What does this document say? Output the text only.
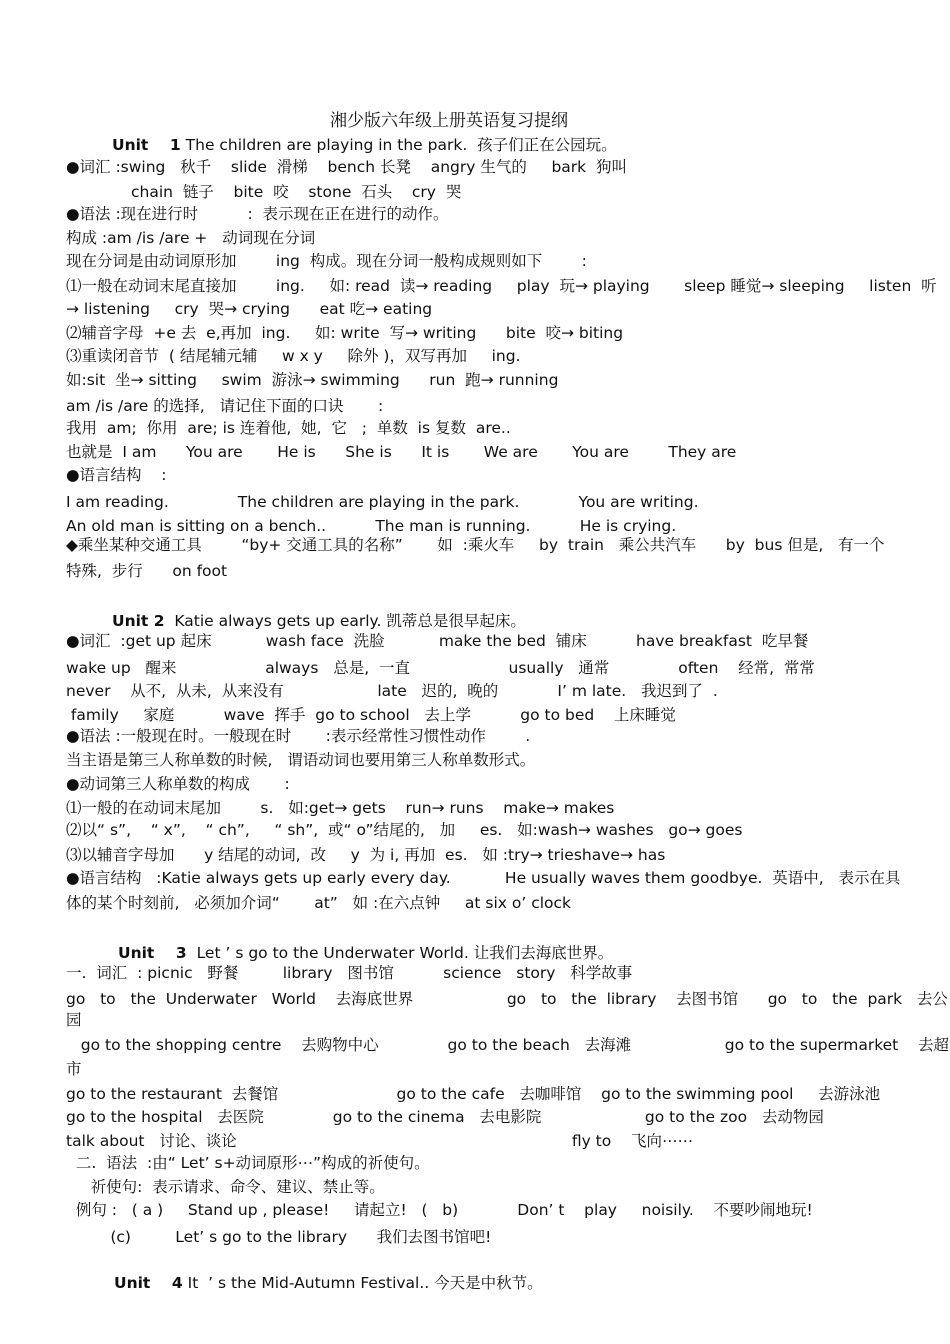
湘少版六年级上册英语复习提纲
Unit    1 The children are playing in the park.  孩子们正在公园玩。
●词汇 :swing   秋千    slide  滑梯    bench 长凳    angry 生气的     bark  狗叫
chain  链子    bite  咬    stone  石头    cry  哭
●语法 :现在进行时          :  表示现在正在进行的动作。
构成 :am /is /are +   动词现在分词
现在分词是由动词原形加        ing  构成。现在分词一般构成规则如下        :
⑴一般在动词末尾直接加        ing.     如: read  读→ reading     play  玩→ playing       sleep 睡觉→ sleeping     listen  听
→ listening     cry  哭→ crying      eat 吃→ eating
⑵辅音字母  +e 去  e,再加  ing.     如: write  写→ writing      bite  咬→ biting
⑶重读闭音节  ( 结尾辅元辅     w x y     除外 )，双写再加     ing.
如:sit  坐→ sitting     swim  游泳→ swimming      run  跑→ running
am /is /are 的选择,   请记住下面的口诀       :
我用  am;  你用  are; is 连着他,  她,  它   ;  单数  is 复数  are..
也就是  I am      You are       He is      She is      It is       We are       You are        They are
●语言结构    :
I am reading.              The children are playing in the park.            You are writing.
An old man is sitting on a bench..          The man is running.          He is crying.
◆乘坐某种交通工具        “by+ 交通工具的名称”       如  :乘火车     by  train   乘公共汽车      by  bus 但是,   有一个
特殊,  步行      on foot
Unit 2  Katie always gets up early. 凯蒂总是很早起床。
●词汇  :get up 起床           wash face  洗脸           make the bed  铺床          have breakfast  吃早餐
wake up   醒来                  always   总是,  一直                    usually   通常              often    经常,  常常
never    从不,  从未,  从来没有                   late   迟的,  晚的            I’ m late.   我迟到了  .
family     家庭          wave  挥手  go to school   去上学          go to bed    上床睡觉
●语法 :一般现在时。一般现在时       :表示经常性习惯性动作        .
当主语是第三人称单数的时候,   谓语动词也要用第三人称单数形式。
●动词第三人称单数的构成       :
⑴一般的在动词末尾加        s.   如:get→ gets    run→ runs    make→ makes
⑵以“ s”,    “ x”,    “ ch”,     “ sh”,  或“ o”结尾的,   加     es.   如:wash→ washes   go→ goes
⑶以辅音字母加      y 结尾的动词,  改     y  为 i, 再加  es.   如 :try→ trieshave→ has
●语言结构   :Katie always gets up early every day.           He usually waves them goodbye.  英语中,   表示在具
体的某个时刻前,   必须加介词“       at”   如 :在六点钟     at six o’ clock
Unit    3  Let ’ s go to the Underwater World. 让我们去海底世界。
一.  词汇  : picnic   野餐         library   图书馆          science   story   科学故事
go   to   the  Underwater   World    去海底世界                   go   to   the  library    去图书馆      go   to   the  park   去公
园
go to the shopping centre    去购物中心              go to the beach   去海滩                   go to the supermarket    去超
市
go to the restaurant  去餐馆                        go to the cafe   去咖啡馆    go to the swimming pool     去游泳池
go to the hospital   去医院              go to the cinema   去电影院                     go to the zoo   去动物园
talk about   讨论、谈论                                                                    fly to    飞向⋯⋯
二.  语法  :由“ Let’ s+动词原形⋯”构成的祈使句。
祈使句:  表示请求、命令、建议、禁止等。
例句 :   ( a )     Stand up , please!     请起立!   (   b)            Don’ t    play     noisily.    不要吵闹地玩!
(c)         Let’ s go to the library      我们去图书馆吧!
Unit    4 It  ’ s the Mid-Autumn Festival.. 今天是中秋节。
